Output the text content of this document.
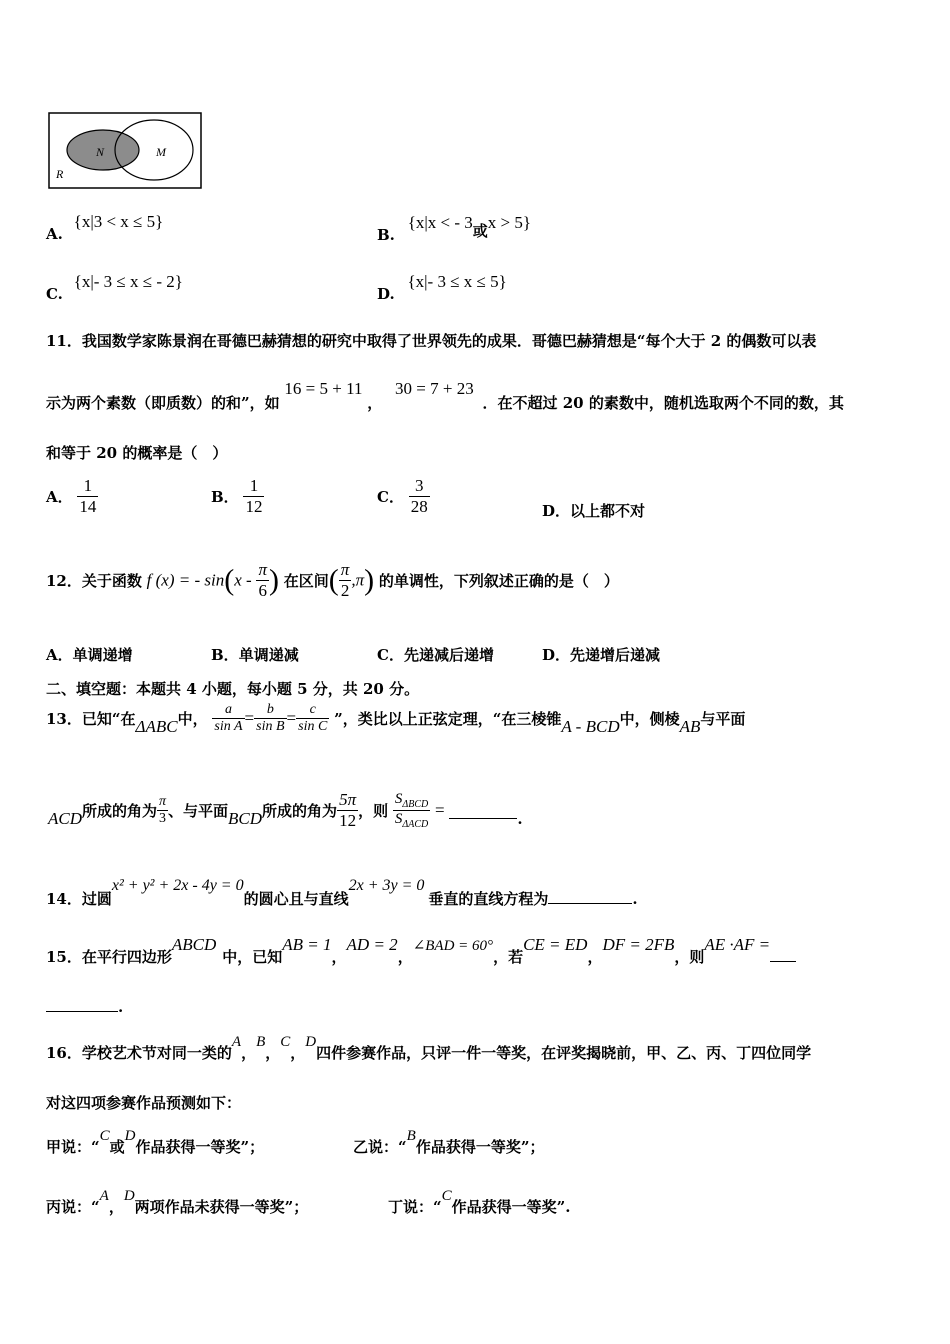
N	M
R
A. {x|3 < x ≤ 5}
B. {x|x < - 3或x > 5}
C. {x|- 3 ≤ x ≤ - 2}
D. {x|- 3 ≤ x ≤ 5}
11．我国数学家陈景润在哥德巴赫猜想的研究中取得了世界领先的成果．哥德巴赫猜想是“每个大于 2 的偶数可以表
示为两个素数（即质数）的和”，如 16 = 5 + 11 ， 30 = 7 + 23 ．在不超过 20 的素数中，随机选取两个不同的数，其
和等于 20 的概率是（　）
A． $\frac{1}{14}$	B． $\frac{1}{12}$	C． $\frac{3}{28}$	D．以上都不对
12．关于函数 f (x) = - $\sin(x - \frac{\pi}{6}$ ) 在区间( $\frac{\pi}{2} ,\pi$) 的单调性，下列叙述正确的是（　）
A．单调递增	B．单调递减	C．先递减后递增	D．先递增后递减
二、填空题：本题共 4 小题，每小题 5 分，共 20 分。
13．已知“在ΔABC中， $\frac{a}{\text{sin A}} = \frac{b}{\text{sin B}} = \frac{c}{\text{sin C}}$ ”，类比以上正弦定理，“在三棱锥A - BCD中，侧棱AB与平面
ACD所成的角为 $\frac{\pi}{3}$ 、与平面BCD所成的角为 $\frac{5\pi}{12}$ ，则 $\frac{S_{\Delta BCD}}{S_{\Delta ACD}}$ =	.
14．过圆x² + y² + 2x - 4y = 0的圆心且与直线2x + 3y = 0垂直的直线方程为	.
15．在平行四边形ABCD中，已知AB = 1，AD = 2，∠BAD = 60°，若CE = ED，DF = 2FB，则AE ·AF =
.
16．学校艺术节对同一类的A，B，C，D四件参赛作品，只评一件一等奖，在评奖揭晓前，甲、乙、丙、丁四位同学
对这四项参赛作品预测如下：
甲说：“C或D作品获得一等奖”；	乙说：“B作品获得一等奖”；
丙说：“A，D两项作品未获得一等奖”；	丁说：“C作品获得一等奖”.
